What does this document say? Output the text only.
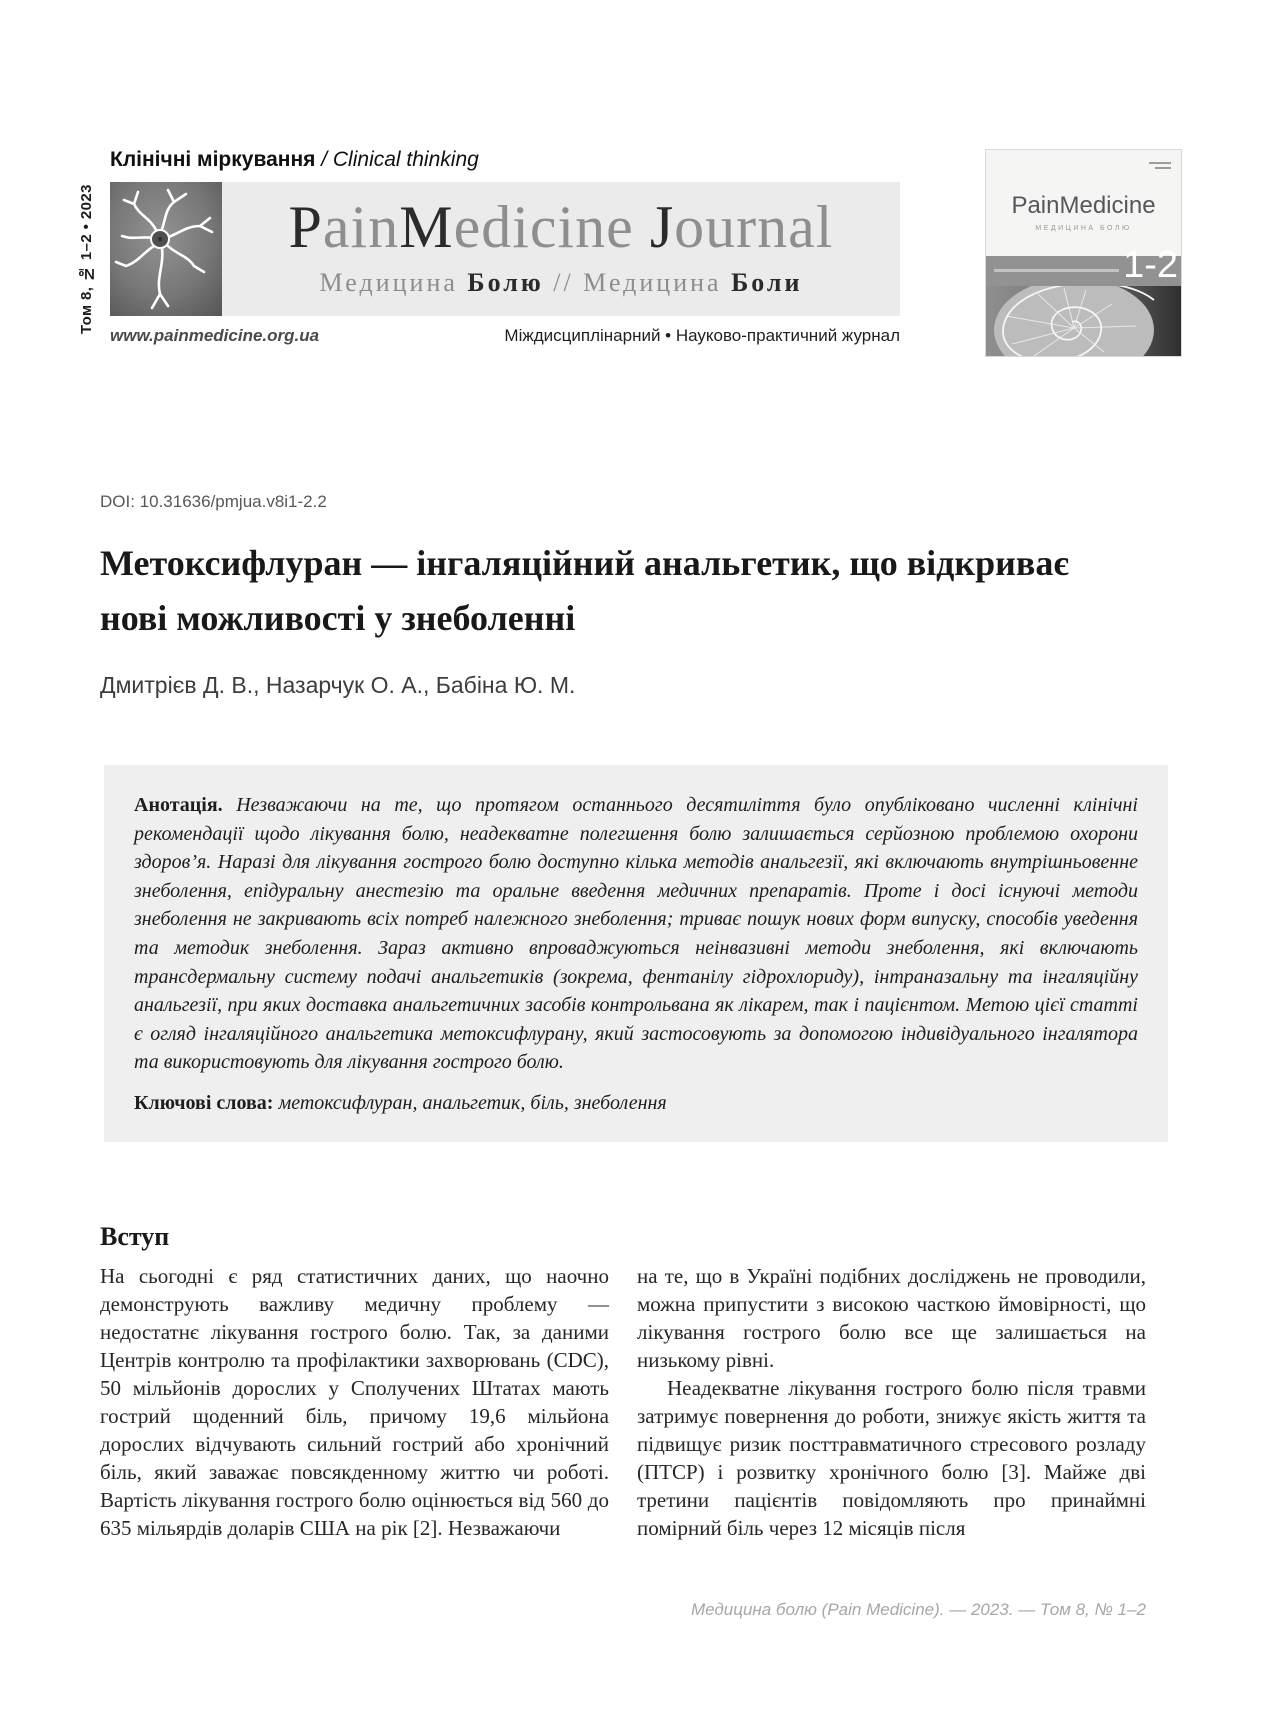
Клінічні міркування / Clinical thinking
Том 8, № 1–2 • 2023	PainMedicine Journal
Медицина Болю // Медицина Боли
www.painmedicine.org.ua	Міждисциплінарний • Науково-практичний журнал
PainMedicine
МЕДИЦИНА БОЛЮ
1-2
DOI: 10.31636/pmjua.v8i1-2.2
Метоксифлуран — інгаляційний анальгетик, що відкриває
нові можливості у знеболенні
Дмитрієв Д. В., Назарчук О. А., Бабіна Ю. М.
Анотація. Незважаючи на те, що протягом останнього десятиліття було опубліковано численні клінічні рекомендації щодо лікування болю, неадекватне полегшення болю залишається серйозною проблемою охорони здоров’я. Наразі для лікування гострого болю доступно кілька методів анальгезії, які включають внутрішньовенне знеболення, епідуральну анестезію та оральне введення медичних препаратів. Проте і досі існуючі методи знеболення не закривають всіх потреб належного знеболення; триває пошук нових форм випуску, способів уведення та методик знеболення. Зараз активно впроваджуються неінвазивні методи знеболення, які включають трансдермальну систему подачі анальгетиків (зокрема, фентанілу гідрохлориду), інтраназальну та інгаляційну анальгезії, при яких доставка анальгетичних засобів контрольвана як лікарем, так і пацієнтом. Метою цієї статті є огляд інгаляційного анальгетика метоксифлурану, який застосовують за допомогою індивідуального інгалятора та використовують для лікування гострого болю.
Ключові слова: метоксифлуран, анальгетик, біль, знеболення
Вступ

На сьогодні є ряд статистичних даних, що наочно демонструють важливу медичну проблему — недостатнє лікування гострого болю. Так, за даними Центрів контролю та профілактики захворювань (CDC), 50 мільйонів дорослих у Сполучених Штатах мають гострий щоденний біль, причому 19,6 мільйона дорослих відчувають сильний гострий або хронічний біль, який заважає повсякденному життю чи роботі. Вартість лікування гострого болю оцінюється від 560 до 635 мільярдів доларів США на рік [2]. Незважаючи

на те, що в Україні подібних досліджень не проводили, можна припустити з високою часткою ймовірності, що лікування гострого болю все ще залишається на низькому рівні.

Неадекватне лікування гострого болю після травми затримує повернення до роботи, знижує якість життя та підвищує ризик посттравматичного стресового розладу (ПТСР) і розвитку хронічного болю [3]. Майже дві третини пацієнтів повідомляють про принаймні помірний біль через 12 місяців після

Медицина болю (Pain Medicine). — 2023. — Том 8, № 1–2
